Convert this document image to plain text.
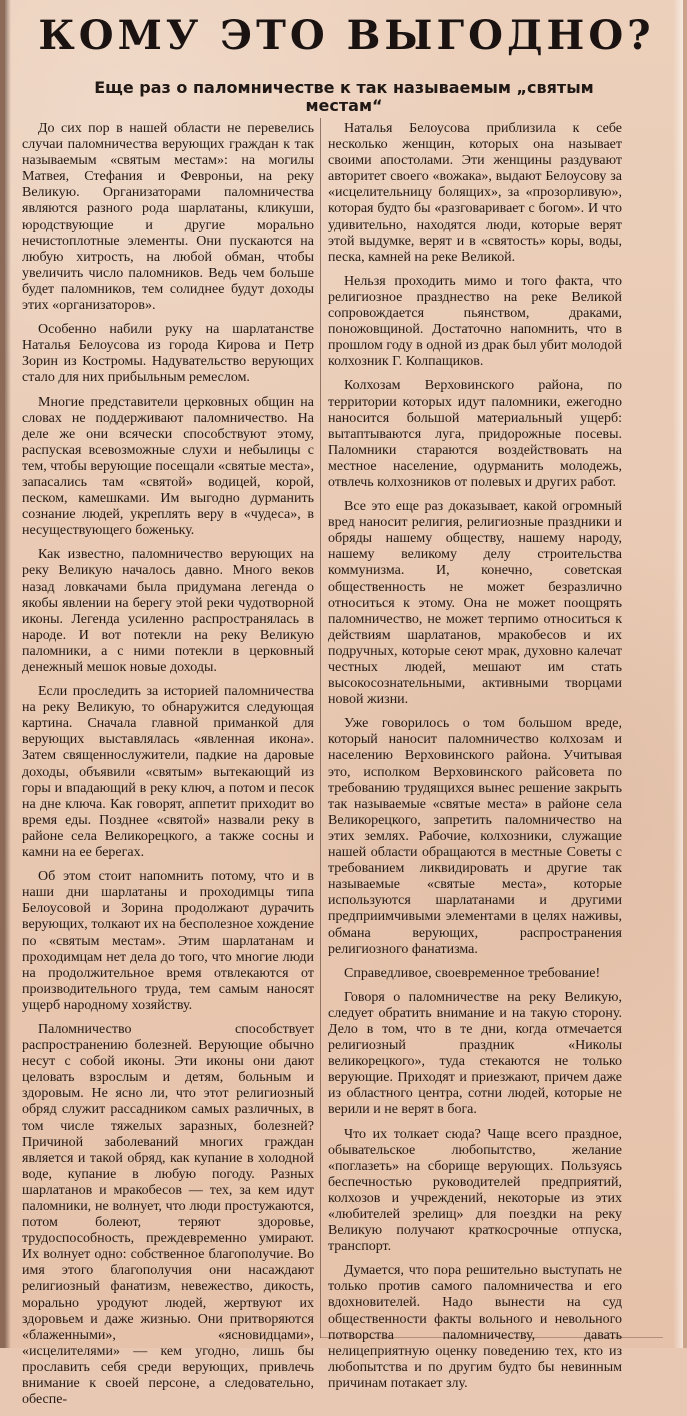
КОМУ ЭТО ВЫГОДНО?
Еще раз о паломничестве к так называемым „святым местам“

До сих пор в нашей области не перевелись случаи паломничества верующих граждан к так называемым «святым местам»: на могилы Матвея, Стефания и Февроньи, на реку Великую. Организаторами паломничества являются разного рода шарлатаны, кликуши, юродствующие и другие морально нечистоплотные элементы. Они пускаются на любую хитрость, на любой обман, чтобы увеличить число паломников. Ведь чем больше будет паломников, тем солиднее будут доходы этих «организаторов».

Особенно набили руку на шарлатанстве Наталья Белоусова из города Кирова и Петр Зорин из Костромы. Надувательство верующих стало для них прибыльным ремеслом.

Многие представители церковных общин на словах не поддерживают паломничество. На деле же они всячески способствуют этому, распуская всевозможные слухи и небылицы с тем, чтобы верующие посещали «святые места», запасались там «святой» водицей, корой, песком, камешками. Им выгодно дурманить сознание людей, укреплять веру в «чудеса», в несуществующего боженьку.

Как известно, паломничество верующих на реку Великую началось давно. Много веков назад ловкачами была придумана легенда о якобы явлении на берегу этой реки чудотворной иконы. Легенда усиленно распространялась в народе. И вот потекли на реку Великую паломники, а с ними потекли в церковный денежный мешок новые доходы.

Если проследить за историей паломничества на реку Великую, то обнаружится следующая картина. Сначала главной приманкой для верующих выставлялась «явленная икона». Затем священнослужители, падкие на даровые доходы, объявили «святым» вытекающий из горы и впадающий в реку ключ, а потом и песок на дне ключа. Как говорят, аппетит приходит во время еды. Позднее «святой» назвали реку в районе села Великорецкого, а также сосны и камни на ее берегах.

Об этом стоит напомнить потому, что и в наши дни шарлатаны и проходимцы типа Белоусовой и Зорина продолжают дурачить верующих, толкают их на бесполезное хождение по «святым местам». Этим шарлатанам и проходимцам нет дела до того, что многие люди на продолжительное время отвлекаются от производительного труда, тем самым наносят ущерб народному хозяйству.

Паломничество способствует распространению болезней. Верующие обычно несут с собой иконы. Эти иконы они дают целовать взрослым и детям, больным и здоровым. Не ясно ли, что этот религиозный обряд служит рассадником самых различных, в том числе тяжелых заразных, болезней? Причиной заболеваний многих граждан является и такой обряд, как купание в холодной воде, купание в любую погоду. Разных шарлатанов и мракобесов — тех, за кем идут паломники, не волнует, что люди простужаются, потом болеют, теряют здоровье, трудоспособность, преждевременно умирают. Их волнует одно: собственное благополучие. Во имя этого благополучия они насаждают религиозный фанатизм, невежество, дикость, морально уродуют людей, жертвуют их здоровьем и даже жизнью. Они притворяются «блаженными», «ясновидцами», «исцелителями» — кем угодно, лишь бы прославить себя среди верующих, привлечь внимание к своей персоне, а следовательно, обеспе-

Наталья Белоусова приблизила к себе несколько женщин, которых она называет своими апостолами. Эти женщины раздувают авторитет своего «вожака», выдают Белоусову за «исцелительницу болящих», за «прозорливую», которая будто бы «разговаривает с богом». И что удивительно, находятся люди, которые верят этой выдумке, верят и в «святость» коры, воды, песка, камней на реке Великой.

Нельзя проходить мимо и того факта, что религиозное празднество на реке Великой сопровождается пьянством, драками, поножовщиной. Достаточно напомнить, что в прошлом году в одной из драк был убит молодой колхозник Г. Колпащиков.

Колхозам Верховинского района, по территории которых идут паломники, ежегодно наносится большой материальный ущерб: вытаптываются луга, придорожные посевы. Паломники стараются воздействовать на местное население, одурманить молодежь, отвлечь колхозников от полевых и других работ.

Все это еще раз доказывает, какой огромный вред наносит религия, религиозные праздники и обряды нашему обществу, нашему народу, нашему великому делу строительства коммунизма. И, конечно, советская общественность не может безразлично относиться к этому. Она не может поощрять паломничество, не может терпимо относиться к действиям шарлатанов, мракобесов и их подручных, которые сеют мрак, духовно калечат честных людей, мешают им стать высокосознательными, активными творцами новой жизни.

Уже говорилось о том большом вреде, который наносит паломничество колхозам и населению Верховинского района. Учитывая это, исполком Верховинского райсовета по требованию трудящихся вынес решение закрыть так называемые «святые места» в районе села Великорецкого, запретить паломничество на этих землях. Рабочие, колхозники, служащие нашей области обращаются в местные Советы с требованием ликвидировать и другие так называемые «святые места», которые используются шарлатанами и другими предприимчивыми элементами в целях наживы, обмана верующих, распространения религиозного фанатизма.

Справедливое, своевременное требование!

Говоря о паломничестве на реку Великую, следует обратить внимание и на такую сторону. Дело в том, что в те дни, когда отмечается религиозный праздник «Николы великорецкого», туда стекаются не только верующие. Приходят и приезжают, причем даже из областного центра, сотни людей, которые не верили и не верят в бога.

Что их толкает сюда? Чаще всего праздное, обывательское любопытство, желание «поглазеть» на сборище верующих. Пользуясь беспечностью руководителей предприятий, колхозов и учреждений, некоторые из этих «любителей зрелищ» для поездки на реку Великую получают краткосрочные отпуска, транспорт.

Думается, что пора решительно выступать не только против самого паломничества и его вдохновителей. Надо вынести на суд общественности факты вольного и невольного потворства паломничеству, давать нелицеприятную оценку поведению тех, кто из любопытства и по другим будто бы невинным причинам потакает злу.
